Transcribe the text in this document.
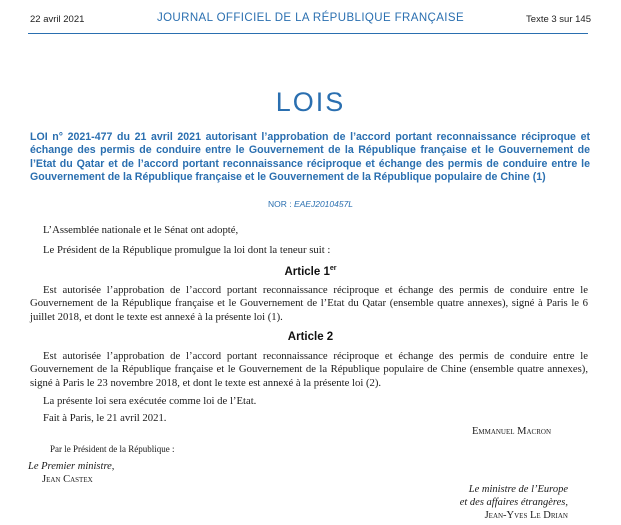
22 avril 2021	JOURNAL OFFICIEL DE LA RÉPUBLIQUE FRANÇAISE	Texte 3 sur 145
LOIS
LOI n° 2021-477 du 21 avril 2021 autorisant l’approbation de l’accord portant reconnaissance réciproque et échange des permis de conduire entre le Gouvernement de la République française et le Gouvernement de l’Etat du Qatar et de l’accord portant reconnaissance réciproque et échange des permis de conduire entre le Gouvernement de la République française et le Gouvernement de la République populaire de Chine (1)
NOR : EAEJ2010457L
L’Assemblée nationale et le Sénat ont adopté,
Le Président de la République promulgue la loi dont la teneur suit :
Article 1er
Est autorisée l’approbation de l’accord portant reconnaissance réciproque et échange des permis de conduire entre le Gouvernement de la République française et le Gouvernement de l’Etat du Qatar (ensemble quatre annexes), signé à Paris le 6 juillet 2018, et dont le texte est annexé à la présente loi (1).
Article 2
Est autorisée l’approbation de l’accord portant reconnaissance réciproque et échange des permis de conduire entre le Gouvernement de la République française et le Gouvernement de la République populaire de Chine (ensemble quatre annexes), signé à Paris le 23 novembre 2018, et dont le texte est annexé à la présente loi (2).
La présente loi sera exécutée comme loi de l’Etat.
Fait à Paris, le 21 avril 2021.
Emmanuel Macron
Par le Président de la République :
Le Premier ministre,
Jean Castex
Le ministre de l’Europe
et des affaires étrangères,
Jean-Yves Le Drian
